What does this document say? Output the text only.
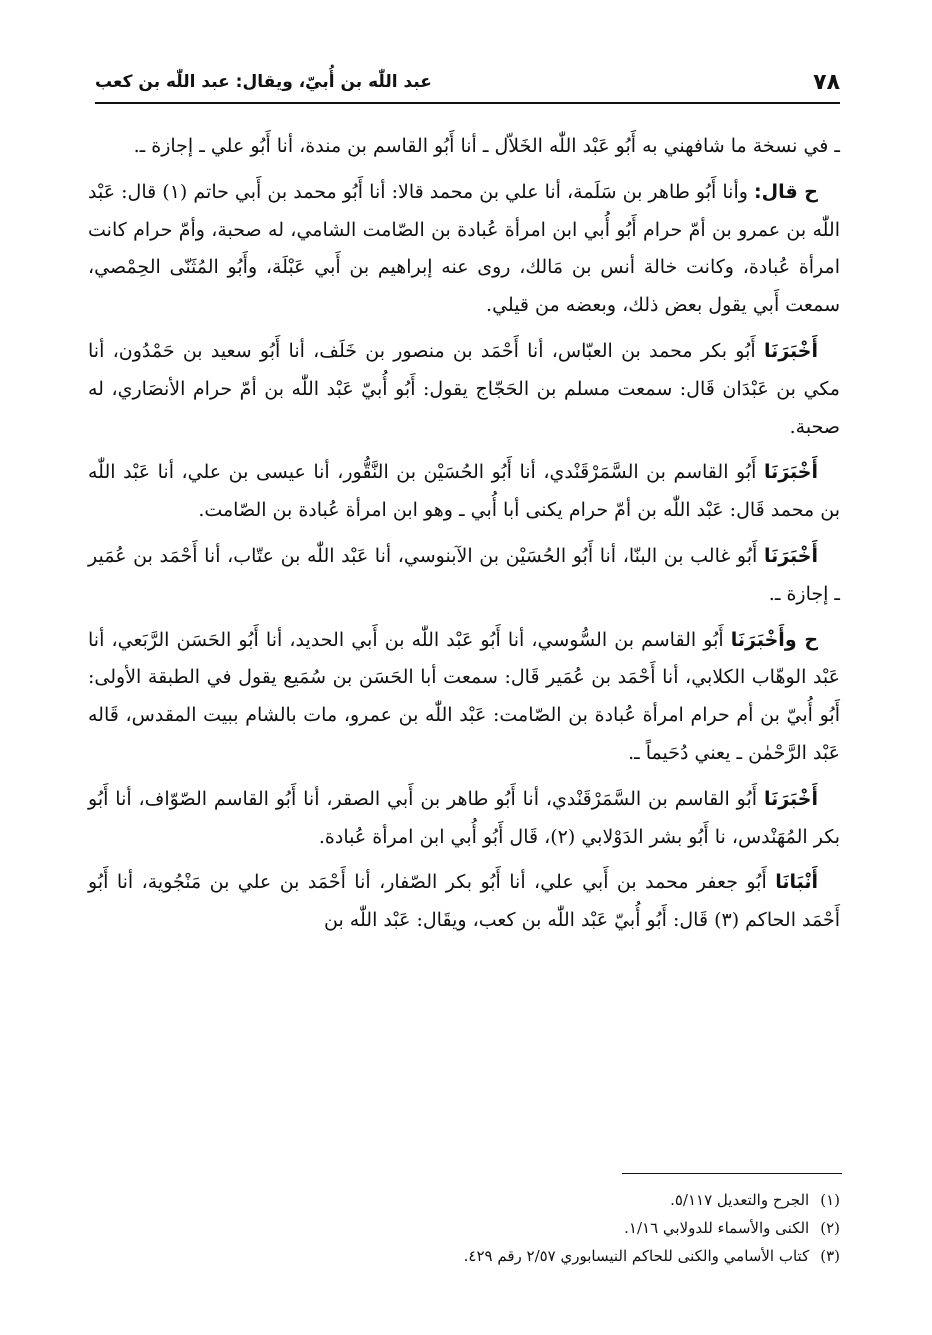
٧٨
عبد اللّٰه بن أُبيّ، ويقال: عبد اللّٰه بن كعب

ـ في نسخة ما شافهني به أَبُو عَبْد اللّٰه الخَلاّل ـ أنا أَبُو القاسم بن مندة، أنا أَبُو علي ـ إجازة ـ.

ح قال: وأنا أَبُو طاهر بن سَلَمة، أنا علي بن محمد قالا: أنا أَبُو محمد بن أَبي حاتم (١) قال: عَبْد اللّٰه بن عمرو بن أمّ حرام أَبُو أُبي ابن امرأة عُبادة بن الصّامت الشامي، له صحبة، وأمّ حرام كانت امرأة عُبادة، وكانت خالة أنس بن مَالك، روى عنه إبراهيم بن أَبي عَبْلَة، وأَبُو المُثَنّى الحِمْصي، سمعت أَبي يقول بعض ذلك، وبعضه من قيلي.

أَخْبَرَنَا أَبُو بكر محمد بن العبّاس، أنا أَحْمَد بن منصور بن خَلَف، أنا أَبُو سعيد بن حَمْدُون، أنا مكي بن عَبْدَان قَال: سمعت مسلم بن الحَجّاج يقول: أَبُو أُبيّ عَبْد اللّٰه بن أمّ حرام الأنصَاري، له صحبة.

أَخْبَرَنَا أَبُو القاسم بن السَّمَرْقَنْدي، أنا أَبُو الحُسَيْن بن النَّقُّور، أنا عيسى بن علي، أنا عَبْد اللّٰه بن محمد قَال: عَبْد اللّٰه بن أمّ حرام يكنى أبا أُبي ـ وهو ابن امرأة عُبادة بن الصّامت.

أَخْبَرَنَا أَبُو غالب بن البنّا، أنا أَبُو الحُسَيْن بن الآبنوسي، أنا عَبْد اللّٰه بن عتّاب، أنا أَحْمَد بن عُمَير ـ إجازة ـ.

ح وأَخْبَرَنَا أَبُو القاسم بن السُّوسي، أنا أَبُو عَبْد اللّٰه بن أَبي الحديد، أنا أَبُو الحَسَن الرَّبَعي، أنا عَبْد الوهّاب الكلابي، أنا أَحْمَد بن عُمَير قَال: سمعت أبا الحَسَن بن سُمَيع يقول في الطبقة الأولى: أَبُو أُبيّ بن أم حرام امرأة عُبادة بن الصّامت: عَبْد اللّٰه بن عمرو، مات بالشام ببيت المقدس، قَاله عَبْد الرَّحْمٰن ـ يعني دُحَيماً ـ.

أَخْبَرَنَا أَبُو القاسم بن السَّمَرْقَنْدي، أنا أَبُو طاهر بن أَبي الصقر، أنا أَبُو القاسم الصّوّاف، أنا أَبُو بكر المُهَنْدس، نا أَبُو بشر الدَوْلابي (٢)، قَال أَبُو أُبي ابن امرأة عُبادة.

أَنْبَانَا أَبُو جعفر محمد بن أَبي علي، أنا أَبُو بكر الصّفار، أنا أَحْمَد بن علي بن مَنْجُوية، أنا أَبُو أَحْمَد الحاكم (٣) قَال: أَبُو أُبيّ عَبْد اللّٰه بن كعب، ويقَال: عَبْد اللّٰه بن

(١) الجرح والتعديل ٥/١١٧.
(٢) الكنى والأسماء للدولابي ١/١٦.
(٣) كتاب الأسامي والكنى للحاكم النيسابوري ٢/٥٧ رقم ٤٢٩.
